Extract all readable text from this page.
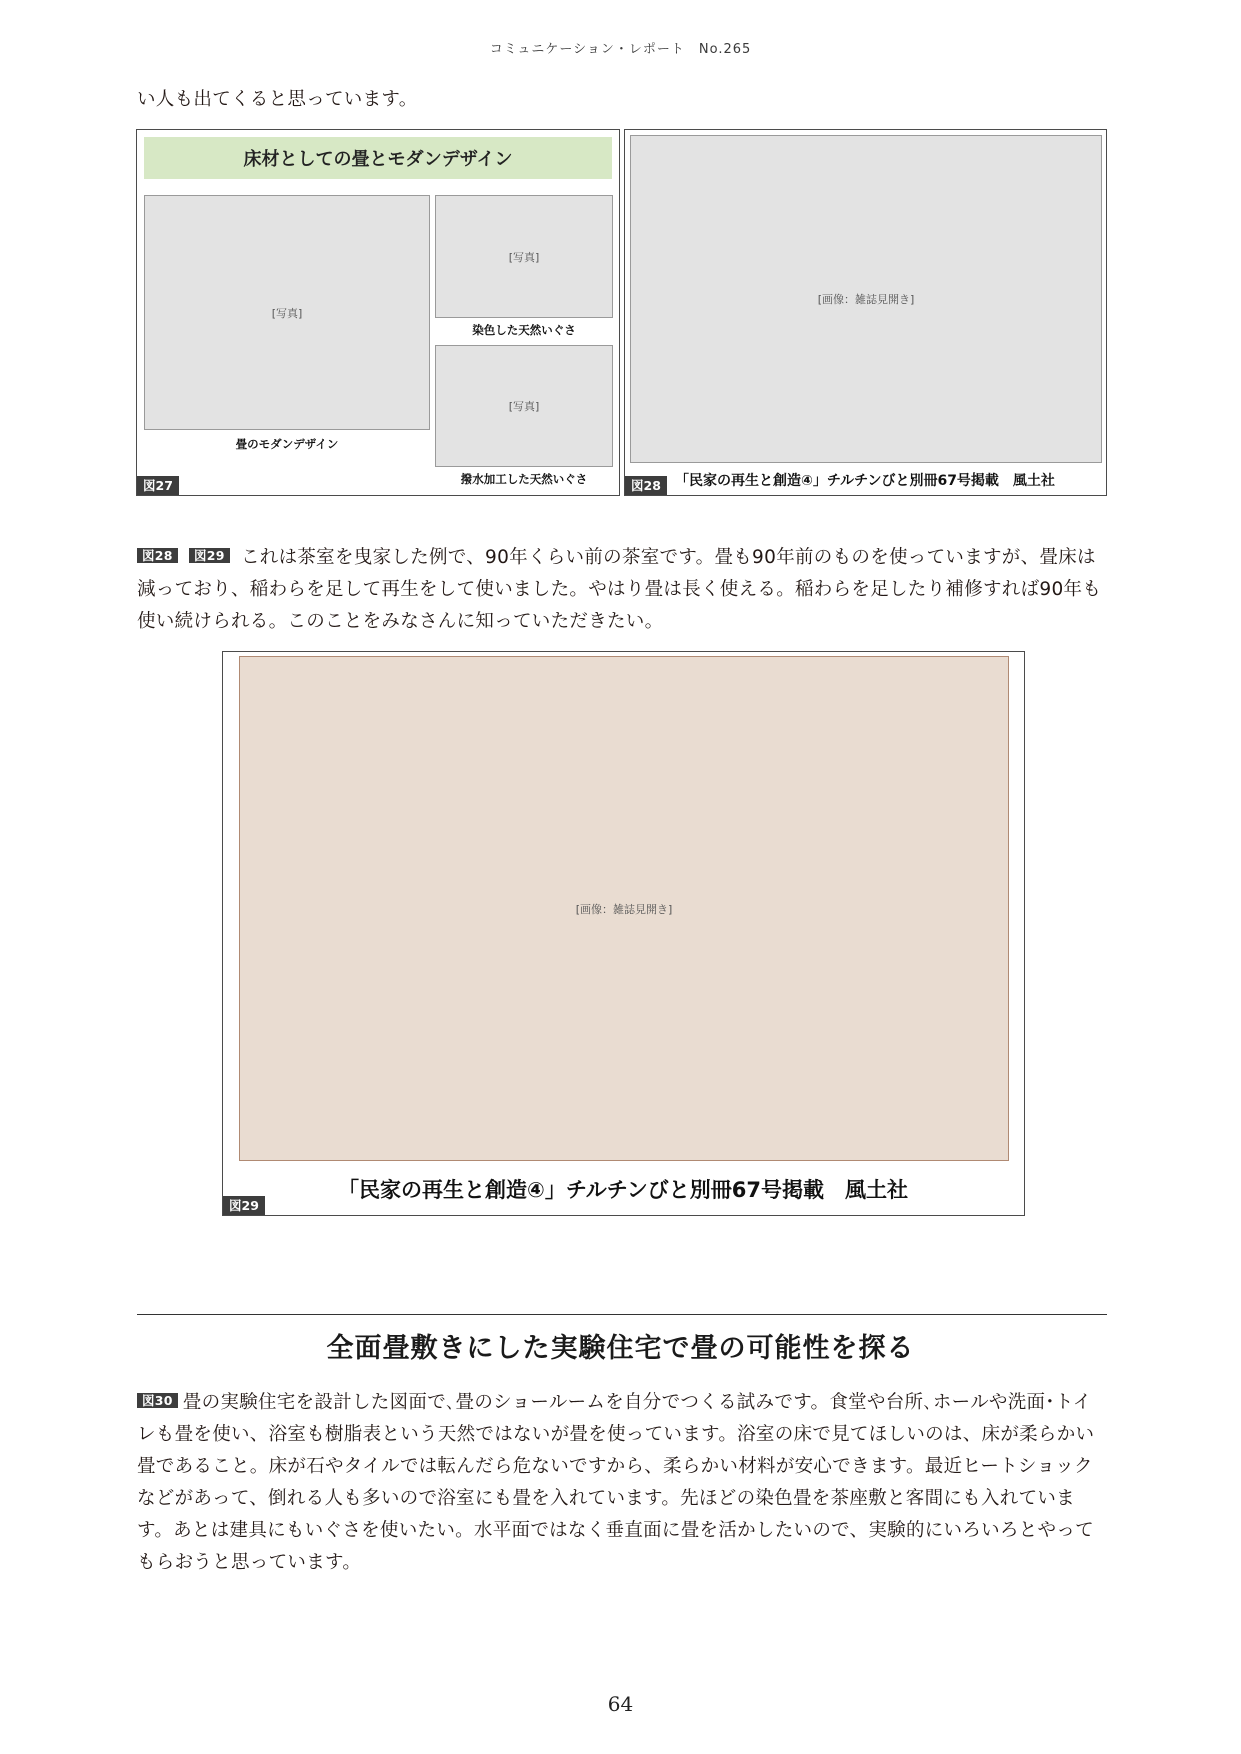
コミュニケーション・レポート　No.265
い人も出てくると思っています。
床材としての畳とモダンデザイン
[写真]
畳のモダンデザイン
[写真]
染色した天然いぐさ
[写真]
撥水加工した天然いぐさ
図27
[画像：雑誌見開き]
「民家の再生と創造④」チルチンびと別冊67号掲載　風土社
図28
図28 図29 これは茶室を曳家した例で、90年くらい前の茶室です。畳も90年前のものを使っていますが、畳床は減っており、稲わらを足して再生をして使いました。やはり畳は長く使える。稲わらを足したり補修すれば90年も使い続けられる。このことをみなさんに知っていただきたい。
[画像：雑誌見開き]
「民家の再生と創造④」チルチンびと別冊67号掲載　風土社
図29
全面畳敷きにした実験住宅で畳の可能性を探る
図30 畳の実験住宅を設計した図面で､畳のショールームを自分でつくる試みです。食堂や台所､ホールや洗面･トイレも畳を使い、浴室も樹脂表という天然ではないが畳を使っています。浴室の床で見てほしいのは、床が柔らかい畳であること。床が石やタイルでは転んだら危ないですから、柔らかい材料が安心できます。最近ヒートショックなどがあって、倒れる人も多いので浴室にも畳を入れています。先ほどの染色畳を茶座敷と客間にも入れています。あとは建具にもいぐさを使いたい。水平面ではなく垂直面に畳を活かしたいので、実験的にいろいろとやってもらおうと思っています。
64
